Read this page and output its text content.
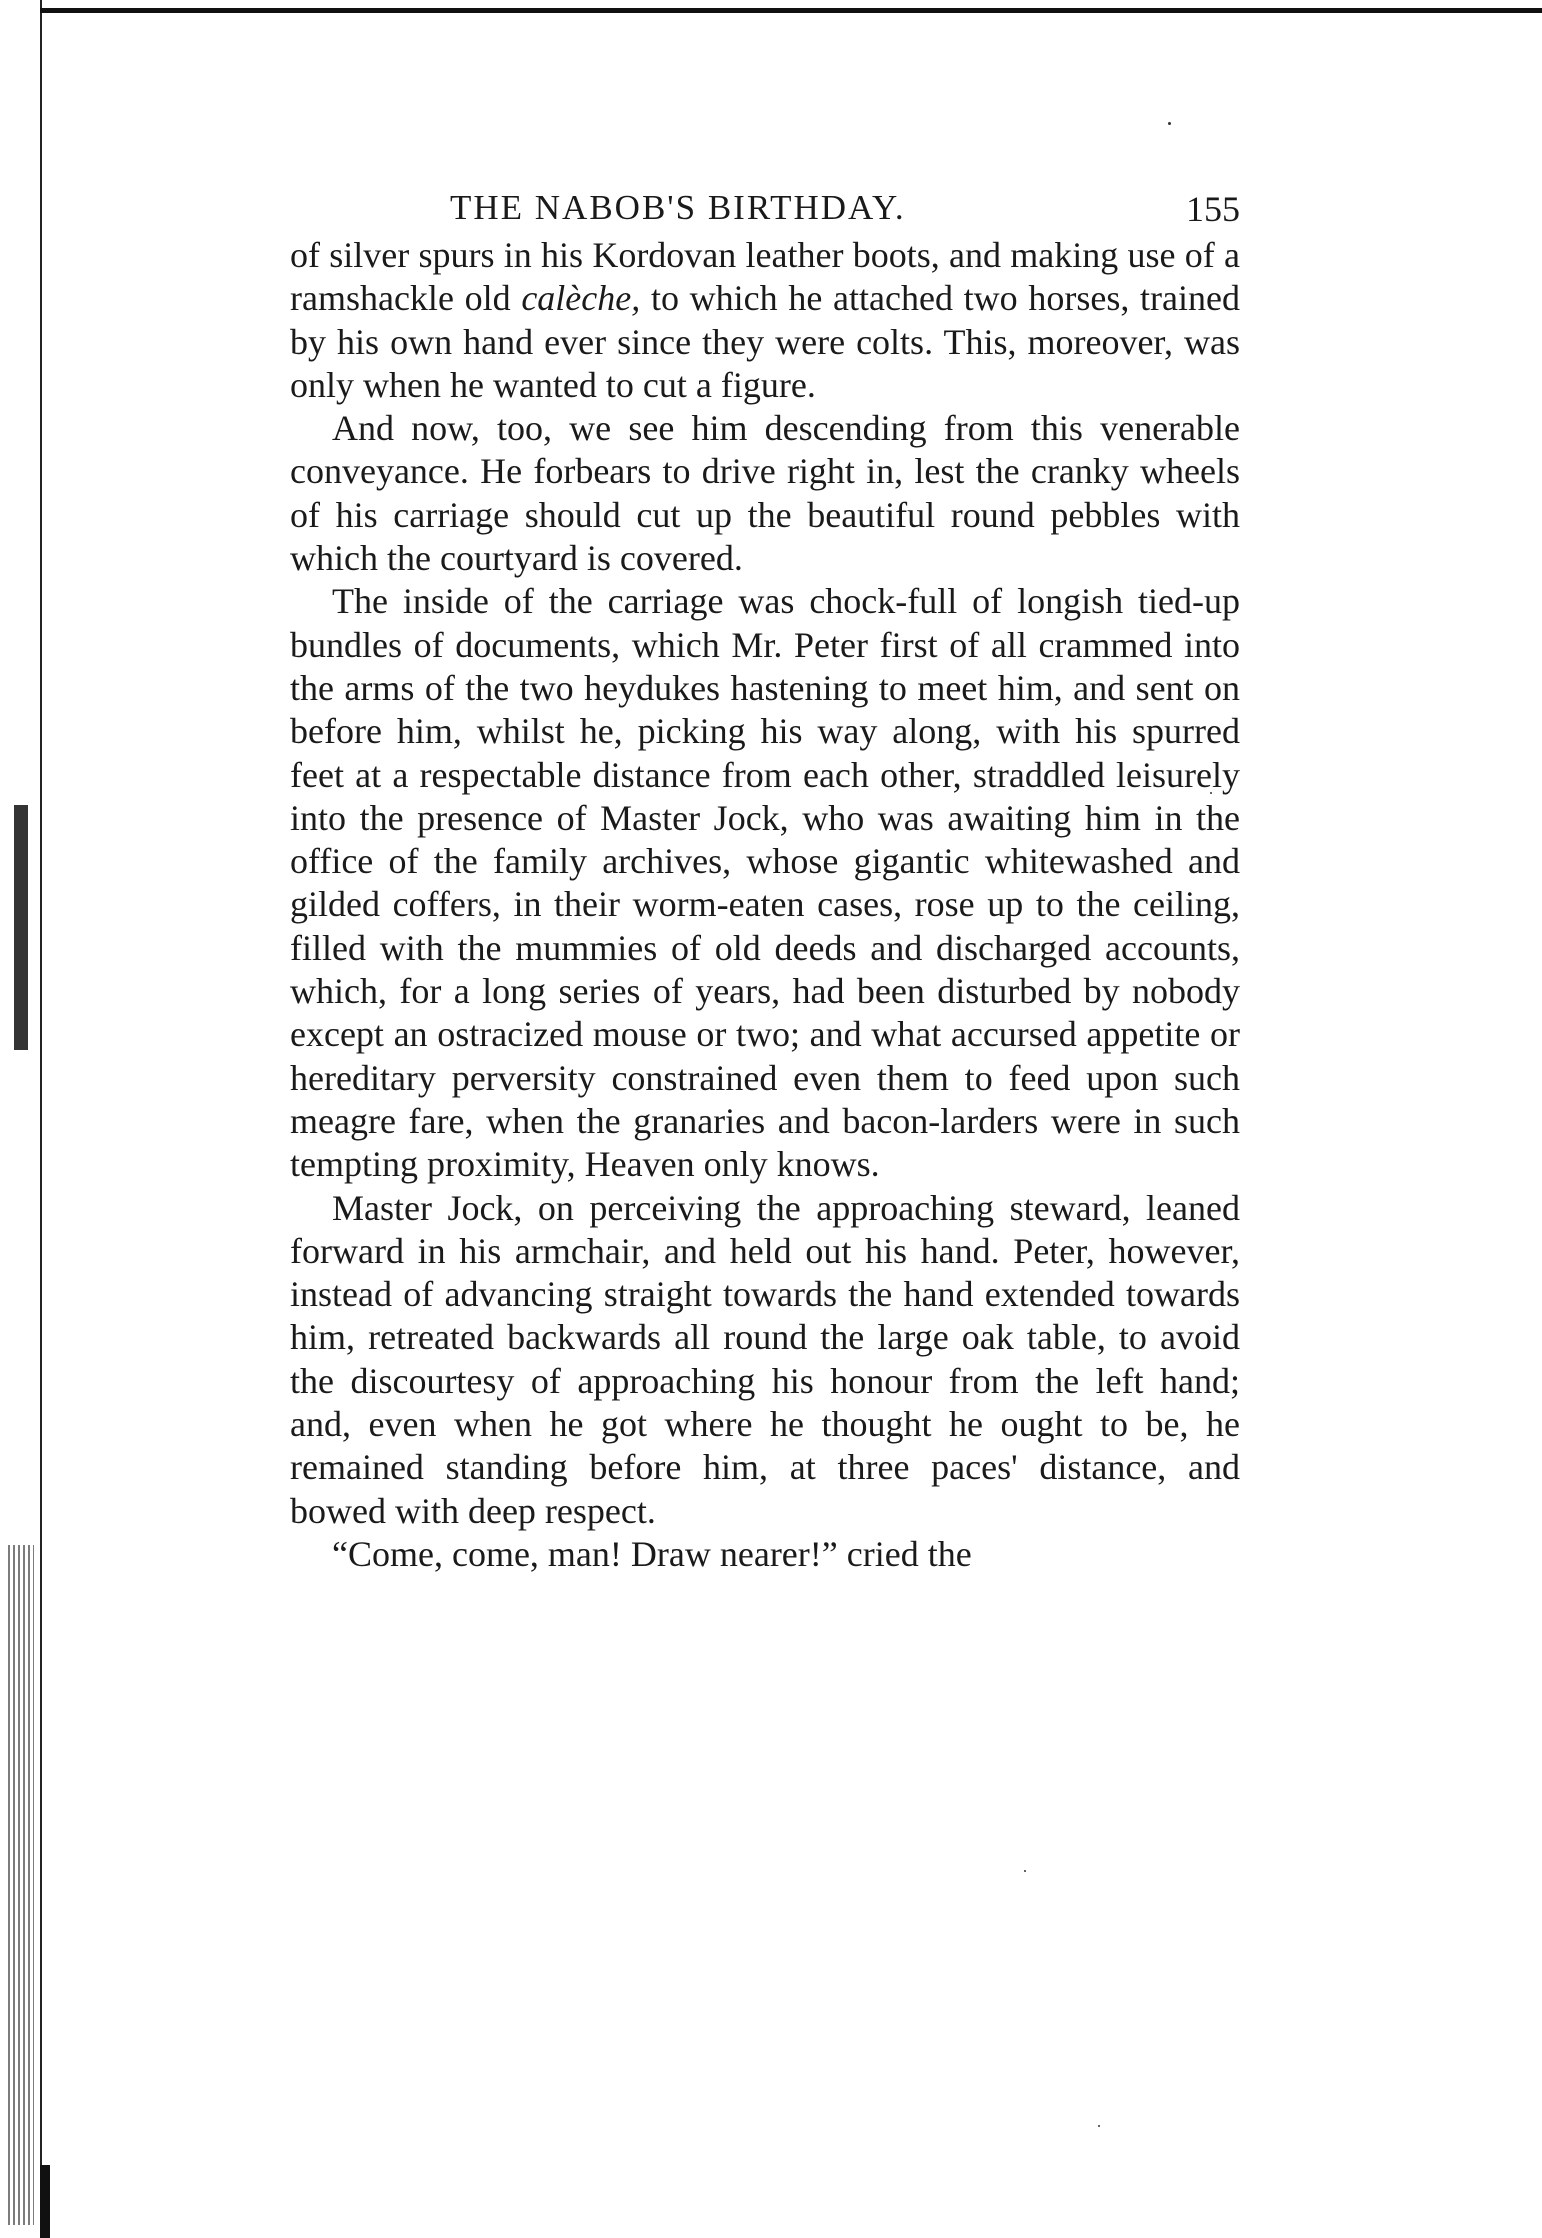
THE NABOB'S BIRTHDAY.	155

of silver spurs in his Kordovan leather boots, and making use of a ramshackle old calèche, to which he attached two horses, trained by his own hand ever since they were colts. This, moreover, was only when he wanted to cut a figure.

And now, too, we see him descending from this venerable conveyance. He forbears to drive right in, lest the cranky wheels of his carriage should cut up the beautiful round pebbles with which the courtyard is covered.

The inside of the carriage was chock-full of longish tied-up bundles of documents, which Mr. Peter first of all crammed into the arms of the two heydukes hastening to meet him, and sent on before him, whilst he, picking his way along, with his spurred feet at a respectable distance from each other, straddled leisurely into the presence of Master Jock, who was awaiting him in the office of the family archives, whose gigantic whitewashed and gilded coffers, in their worm-eaten cases, rose up to the ceiling, filled with the mummies of old deeds and discharged accounts, which, for a long series of years, had been disturbed by nobody except an ostracized mouse or two; and what accursed appetite or hereditary perversity constrained even them to feed upon such meagre fare, when the granaries and bacon-larders were in such tempting proximity, Heaven only knows.

Master Jock, on perceiving the approaching steward, leaned forward in his armchair, and held out his hand. Peter, however, instead of advancing straight towards the hand extended towards him, retreated backwards all round the large oak table, to avoid the discourtesy of approaching his honour from the left hand; and, even when he got where he thought he ought to be, he remained standing before him, at three paces' distance, and bowed with deep respect.

“Come, come, man! Draw nearer!” cried the
